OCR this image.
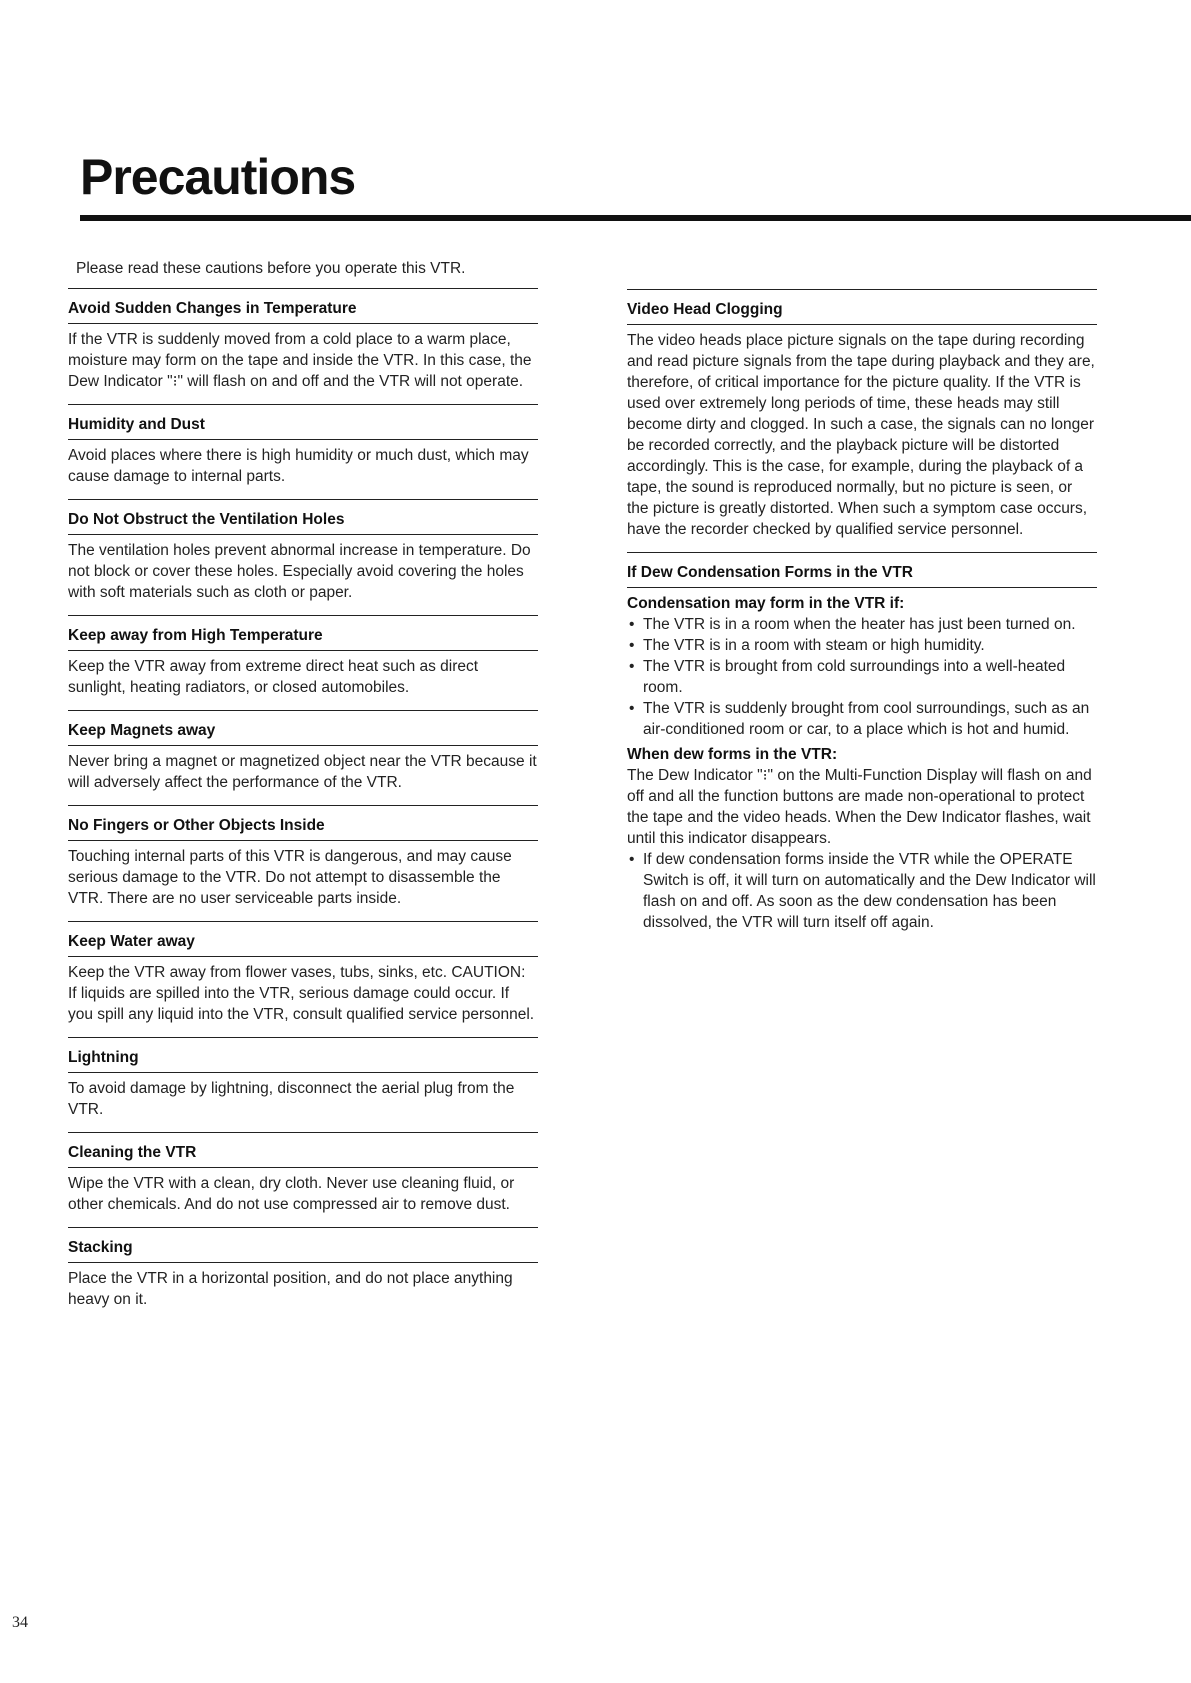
Precautions

Please read these cautions before you operate this VTR.

Avoid Sudden Changes in Temperature

If the VTR is suddenly moved from a cold place to a warm place, moisture may form on the tape and inside the VTR. In this case, the Dew Indicator "⁝" will flash on and off and the VTR will not operate.

Humidity and Dust

Avoid places where there is high humidity or much dust, which may cause damage to internal parts.

Do Not Obstruct the Ventilation Holes

The ventilation holes prevent abnormal increase in temperature. Do not block or cover these holes. Especially avoid covering the holes with soft materials such as cloth or paper.

Keep away from High Temperature

Keep the VTR away from extreme direct heat such as direct sunlight, heating radiators, or closed automobiles.

Keep Magnets away

Never bring a magnet or magnetized object near the VTR because it will adversely affect the performance of the VTR.

No Fingers or Other Objects Inside

Touching internal parts of this VTR is dangerous, and may cause serious damage to the VTR. Do not attempt to disassemble the VTR. There are no user serviceable parts inside.

Keep Water away

Keep the VTR away from flower vases, tubs, sinks, etc. CAUTION: If liquids are spilled into the VTR, serious damage could occur. If you spill any liquid into the VTR, consult qualified service personnel.

Lightning

To avoid damage by lightning, disconnect the aerial plug from the VTR.

Cleaning the VTR

Wipe the VTR with a clean, dry cloth. Never use cleaning fluid, or other chemicals. And do not use compressed air to remove dust.

Stacking

Place the VTR in a horizontal position, and do not place anything heavy on it.

Video Head Clogging

The video heads place picture signals on the tape during recording and read picture signals from the tape during playback and they are, therefore, of critical importance for the picture quality. If the VTR is used over extremely long periods of time, these heads may still become dirty and clogged. In such a case, the signals can no longer be recorded correctly, and the playback picture will be distorted accordingly. This is the case, for example, during the playback of a tape, the sound is reproduced normally, but no picture is seen, or the picture is greatly distorted. When such a symptom case occurs, have the recorder checked by qualified service personnel.

If Dew Condensation Forms in the VTR
Condensation may form in the VTR if:
• The VTR is in a room when the heater has just been turned on.
• The VTR is in a room with steam or high humidity.
• The VTR is brought from cold surroundings into a well-heated room.
• The VTR is suddenly brought from cool surroundings, such as an air-conditioned room or car, to a place which is hot and humid.
When dew forms in the VTR:

The Dew Indicator "⁝" on the Multi-Function Display will flash on and off and all the function buttons are made non-operational to protect the tape and the video heads. When the Dew Indicator flashes, wait until this indicator disappears.

• If dew condensation forms inside the VTR while the OPERATE Switch is off, it will turn on automatically and the Dew Indicator will flash on and off. As soon as the dew condensation has been dissolved, the VTR will turn itself off again.
34
